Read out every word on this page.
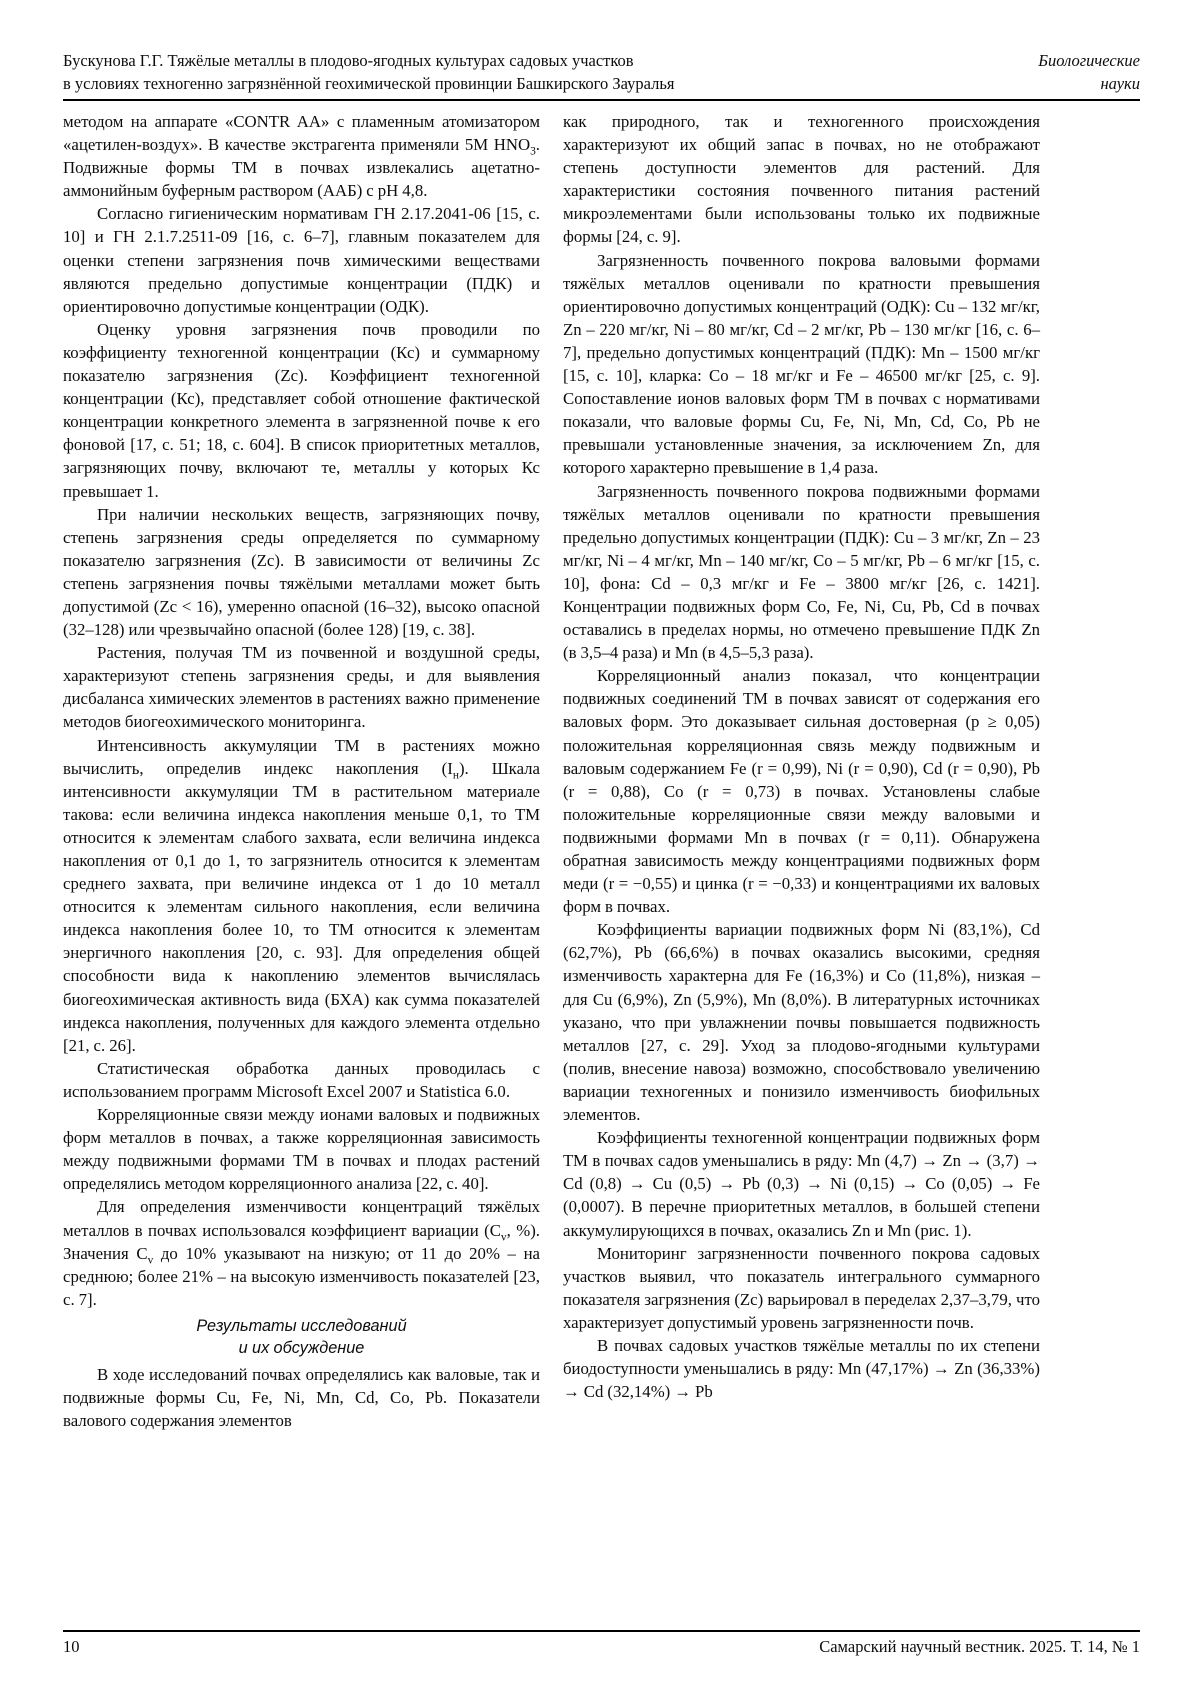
Бускунова Г.Г. Тяжёлые металлы в плодово-ягодных культурах садовых участков
в условиях техногенно загрязнённой геохимической провинции Башкирского Зауралья
Биологические
науки

методом на аппарате «CONTR AA» с пламенным атомизатором «ацетилен-воздух». В качестве экстрагента применяли 5М $HNO_3$. Подвижные формы ТМ в почвах извлекались ацетатно-аммонийным буферным раствором (ААБ) с pH 4,8.

Согласно гигиеническим нормативам ГН 2.17.2041-06 [15, с. 10] и ГН 2.1.7.2511-09 [16, с. 6–7], главным показателем для оценки степени загрязнения почв химическими веществами являются предельно допустимые концентрации (ПДК) и ориентировочно допустимые концентрации (ОДК).

Оценку уровня загрязнения почв проводили по коэффициенту техногенной концентрации (Кс) и суммарному показателю загрязнения (Zc). Коэффициент техногенной концентрации (Кс), представляет собой отношение фактической концентрации конкретного элемента в загрязненной почве к его фоновой [17, с. 51; 18, с. 604]. В список приоритетных металлов, загрязняющих почву, включают те, металлы у которых Кс превышает 1.

При наличии нескольких веществ, загрязняющих почву, степень загрязнения среды определяется по суммарному показателю загрязнения (Zc). В зависимости от величины Zc степень загрязнения почвы тяжёлыми металлами может быть допустимой (Zc < 16), умеренно опасной (16–32), высоко опасной (32–128) или чрезвычайно опасной (более 128) [19, с. 38].

Растения, получая ТМ из почвенной и воздушной среды, характеризуют степень загрязнения среды, и для выявления дисбаланса химических элементов в растениях важно применение методов биогеохимического мониторинга.

Интенсивность аккумуляции ТМ в растениях можно вычислить, определив индекс накопления $(I_н)$. Шкала интенсивности аккумуляции ТМ в растительном материале такова: если величина индекса накопления меньше 0,1, то ТМ относится к элементам слабого захвата, если величина индекса накопления от 0,1 до 1, то загрязнитель относится к элементам среднего захвата, при величине индекса от 1 до 10 металл относится к элементам сильного накопления, если величина индекса накопления более 10, то ТМ относится к элементам энергичного накопления [20, с. 93]. Для определения общей способности вида к накоплению элементов вычислялась биогеохимическая активность вида (БХА) как сумма показателей индекса накопления, полученных для каждого элемента отдельно [21, с. 26].

Статистическая обработка данных проводилась с использованием программ Microsoft Excel 2007 и Statistica 6.0.

Корреляционные связи между ионами валовых и подвижных форм металлов в почвах, а также корреляционная зависимость между подвижными формами ТМ в почвах и плодах растений определялись методом корреляционного анализа [22, с. 40].

Для определения изменчивости концентраций тяжёлых металлов в почвах использовался коэффициент вариации ($C_v$, %). Значения $C_v$ до 10% указывают на низкую; от 11 до 20% – на среднюю; более 21% – на высокую изменчивость показателей [23, с. 7].

Результаты исследований
и их обсуждение

В ходе исследований почвах определялись как валовые, так и подвижные формы Cu, Fe, Ni, Mn, Cd, Co, Pb. Показатели валового содержания элементов

как природного, так и техногенного происхождения характеризуют их общий запас в почвах, но не отображают степень доступности элементов для растений. Для характеристики состояния почвенного питания растений микроэлементами были использованы только их подвижные формы [24, с. 9].

Загрязненность почвенного покрова валовыми формами тяжёлых металлов оценивали по кратности превышения ориентировочно допустимых концентраций (ОДК): Cu – 132 мг/кг, Zn – 220 мг/кг, Ni – 80 мг/кг, Cd – 2 мг/кг, Pb – 130 мг/кг [16, с. 6–7], предельно допустимых концентраций (ПДК): Mn – 1500 мг/кг [15, с. 10], кларка: Co – 18 мг/кг и Fe – 46500 мг/кг [25, с. 9]. Сопоставление ионов валовых форм ТМ в почвах с нормативами показали, что валовые формы Cu, Fe, Ni, Mn, Cd, Co, Pb не превышали установленные значения, за исключением Zn, для которого характерно превышение в 1,4 раза.

Загрязненность почвенного покрова подвижными формами тяжёлых металлов оценивали по кратности превышения предельно допустимых концентрации (ПДК): Cu – 3 мг/кг, Zn – 23 мг/кг, Ni – 4 мг/кг, Mn – 140 мг/кг, Co – 5 мг/кг, Pb – 6 мг/кг [15, с. 10], фона: Cd – 0,3 мг/кг и Fe – 3800 мг/кг [26, с. 1421]. Концентрации подвижных форм Co, Fe, Ni, Cu, Pb, Cd в почвах оставались в пределах нормы, но отмечено превышение ПДК Zn (в 3,5–4 раза) и Mn (в 4,5–5,3 раза).

Корреляционный анализ показал, что концентрации подвижных соединений ТМ в почвах зависят от содержания его валовых форм. Это доказывает сильная достоверная (p ≥ 0,05) положительная корреляционная связь между подвижным и валовым содержанием Fe (r = 0,99), Ni (r = 0,90), Cd (r = 0,90), Pb (r = 0,88), Co (r = 0,73) в почвах. Установлены слабые положительные корреляционные связи между валовыми и подвижными формами Mn в почвах (r = 0,11). Обнаружена обратная зависимость между концентрациями подвижных форм меди (r = −0,55) и цинка (r = −0,33) и концентрациями их валовых форм в почвах.

Коэффициенты вариации подвижных форм Ni (83,1%), Cd (62,7%), Pb (66,6%) в почвах оказались высокими, средняя изменчивость характерна для Fe (16,3%) и Co (11,8%), низкая – для Cu (6,9%), Zn (5,9%), Mn (8,0%). В литературных источниках указано, что при увлажнении почвы повышается подвижность металлов [27, с. 29]. Уход за плодово-ягодными культурами (полив, внесение навоза) возможно, способствовало увеличению вариации техногенных и понизило изменчивость биофильных элементов.

Коэффициенты техногенной концентрации подвижных форм ТМ в почвах садов уменьшались в ряду: Mn (4,7) → Zn → (3,7) → Cd (0,8) → Cu (0,5) → Pb (0,3) → Ni (0,15) → Co (0,05) → Fe (0,0007). В перечне приоритетных металлов, в большей степени аккумулирующихся в почвах, оказались Zn и Mn (рис. 1).

Мониторинг загрязненности почвенного покрова садовых участков выявил, что показатель интегрального суммарного показателя загрязнения (Zc) варьировал в переделах 2,37–3,79, что характеризует допустимый уровень загрязненности почв.

В почвах садовых участков тяжёлые металлы по их степени биодоступности уменьшались в ряду: Mn (47,17%) → Zn (36,33%) → Cd (32,14%) → Pb

10	Самарский научный вестник. 2025. Т. 14, № 1
